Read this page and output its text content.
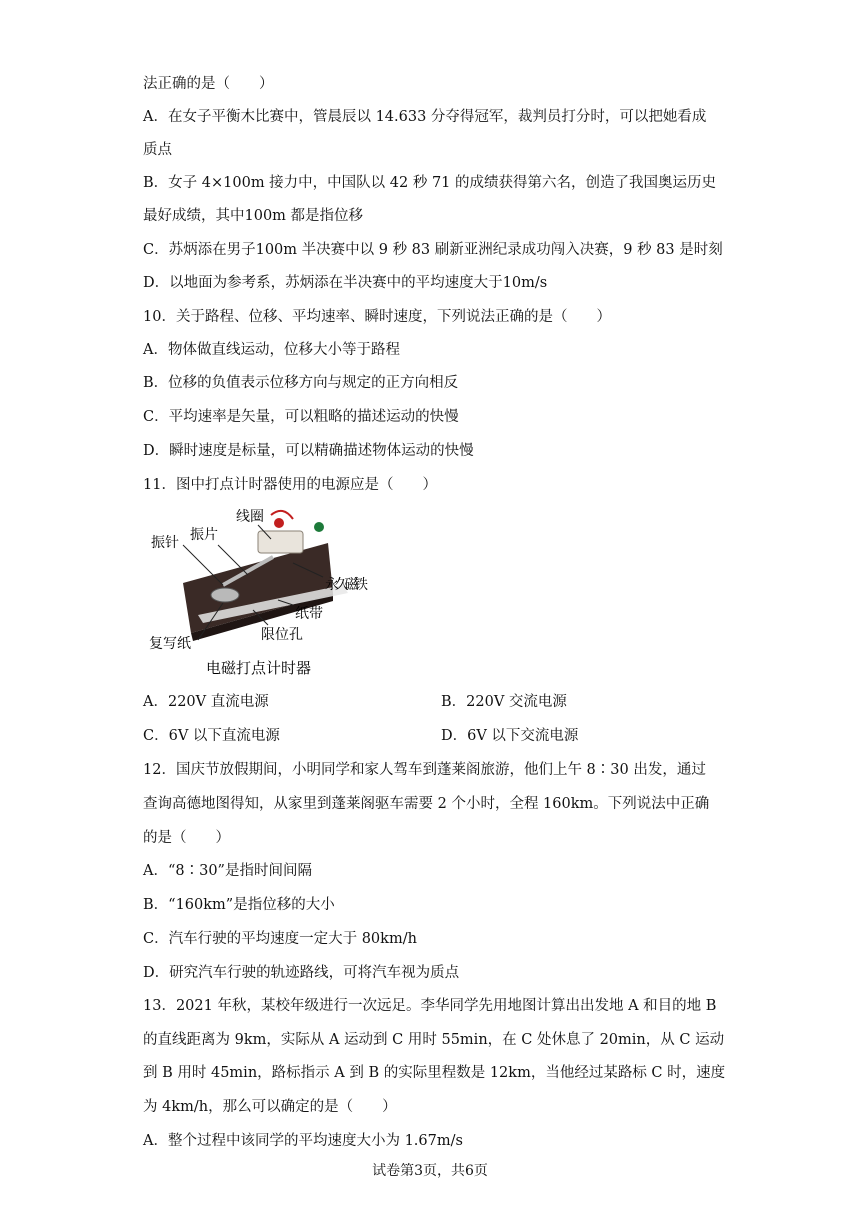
法正确的是（　　）
A．在女子平衡木比赛中，管晨辰以 14.633 分夺得冠军，裁判员打分时，可以把她看成
质点
B．女子 4×100m 接力中，中国队以 42 秒 71 的成绩获得第六名，创造了我国奥运历史
最好成绩，其中100m 都是指位移
C．苏炳添在男子100m 半决赛中以 9 秒 83 刷新亚洲纪录成功闯入决赛，9 秒 83 是时刻
D．以地面为参考系，苏炳添在半决赛中的平均速度大于10m/s
10．关于路程、位移、平均速率、瞬时速度，下列说法正确的是（　　）
A．物体做直线运动，位移大小等于路程
B．位移的负值表示位移方向与规定的正方向相反
C．平均速率是矢量，可以粗略的描述运动的快慢
D．瞬时速度是标量，可以精确描述物体运动的快慢
11．图中打点计时器使用的电源应是（　　）
线圈
振片
振针
永久磁铁
纸带
复写纸
限位孔
电磁打点计时器
A．220V 直流电源	B．220V 交流电源
C．6V 以下直流电源	D．6V 以下交流电源
12．国庆节放假期间，小明同学和家人驾车到蓬莱阁旅游，他们上午 8∶30 出发，通过
查询高德地图得知，从家里到蓬莱阁驱车需要 2 个小时，全程 160km。下列说法中正确
的是（　　）
A．“8∶30”是指时间间隔
B．“160km”是指位移的大小
C．汽车行驶的平均速度一定大于 80km/h
D．研究汽车行驶的轨迹路线，可将汽车视为质点
13．2021 年秋，某校年级进行一次远足。李华同学先用地图计算出出发地 A 和目的地 B
的直线距离为 9km，实际从 A 运动到 C 用时 55min，在 C 处休息了 20min，从 C 运动
到 B 用时 45min，路标指示 A 到 B 的实际里程数是 12km，当他经过某路标 C 时，速度
为 4km/h，那么可以确定的是（　　）
A．整个过程中该同学的平均速度大小为 1.67m/s
试卷第3页，共6页
